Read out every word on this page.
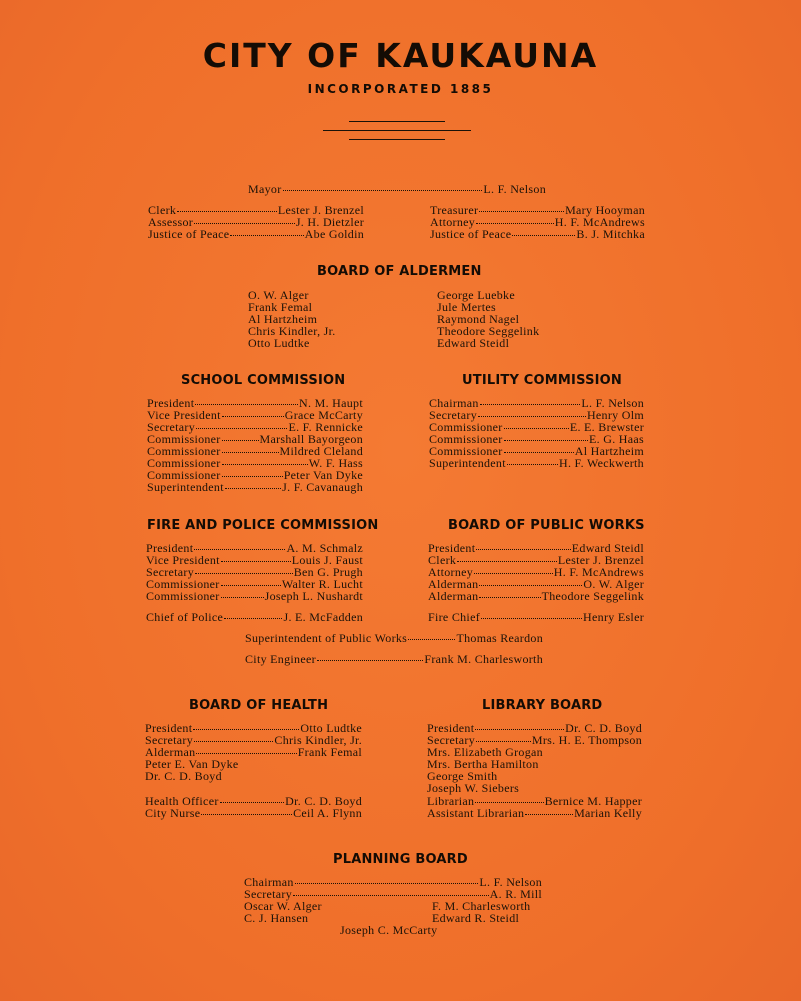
CITY OF KAUKAUNA
INCORPORATED 1885
Mayor	L. F. Nelson
Clerk	Lester J. Brenzel
Assessor	J. H. Dietzler
Justice of Peace	Abe Goldin
Treasurer	Mary Hooyman
Attorney	H. F. McAndrews
Justice of Peace	B. J. Mitchka
BOARD OF ALDERMEN
O. W. Alger
Frank Femal
Al Hartzheim
Chris Kindler, Jr.
Otto Ludtke
George Luebke
Jule Mertes
Raymond Nagel
Theodore Seggelink
Edward Steidl
SCHOOL COMMISSION
President	N. M. Haupt
Vice President	Grace McCarty
Secretary	E. F. Rennicke
Commissioner	Marshall Bayorgeon
Commissioner	Mildred Cleland
Commissioner	W. F. Hass
Commissioner	Peter Van Dyke
Superintendent	J. F. Cavanaugh
UTILITY COMMISSION
Chairman	L. F. Nelson
Secretary	Henry Olm
Commissioner	E. E. Brewster
Commissioner	E. G. Haas
Commissioner	Al Hartzheim
Superintendent	H. F. Weckwerth
FIRE AND POLICE COMMISSION
President	A. M. Schmalz
Vice President	Louis J. Faust
Secretary	Ben G. Prugh
Commissioner	Walter R. Lucht
Commissioner	Joseph L. Nushardt
Chief of Police	J. E. McFadden
BOARD OF PUBLIC WORKS
President	Edward Steidl
Clerk	Lester J. Brenzel
Attorney	H. F. McAndrews
Alderman	O. W. Alger
Alderman	Theodore Seggelink
Fire Chief	Henry Esler
Superintendent of Public Works	Thomas Reardon
City Engineer	Frank M. Charlesworth
BOARD OF HEALTH
President	Otto Ludtke
Secretary	Chris Kindler, Jr.
Alderman	Frank Femal
Peter E. Van Dyke
Dr. C. D. Boyd
Health Officer	Dr. C. D. Boyd
City Nurse	Ceil A. Flynn
LIBRARY BOARD
President	Dr. C. D. Boyd
Secretary	Mrs. H. E. Thompson
Mrs. Elizabeth Grogan
Mrs. Bertha Hamilton
George Smith
Joseph W. Siebers
Librarian	Bernice M. Happer
Assistant Librarian	Marian Kelly
PLANNING BOARD
Chairman	L. F. Nelson
Secretary	A. R. Mill
Oscar W. Alger
C. J. Hansen
F. M. Charlesworth
Edward R. Steidl
Joseph C. McCarty
